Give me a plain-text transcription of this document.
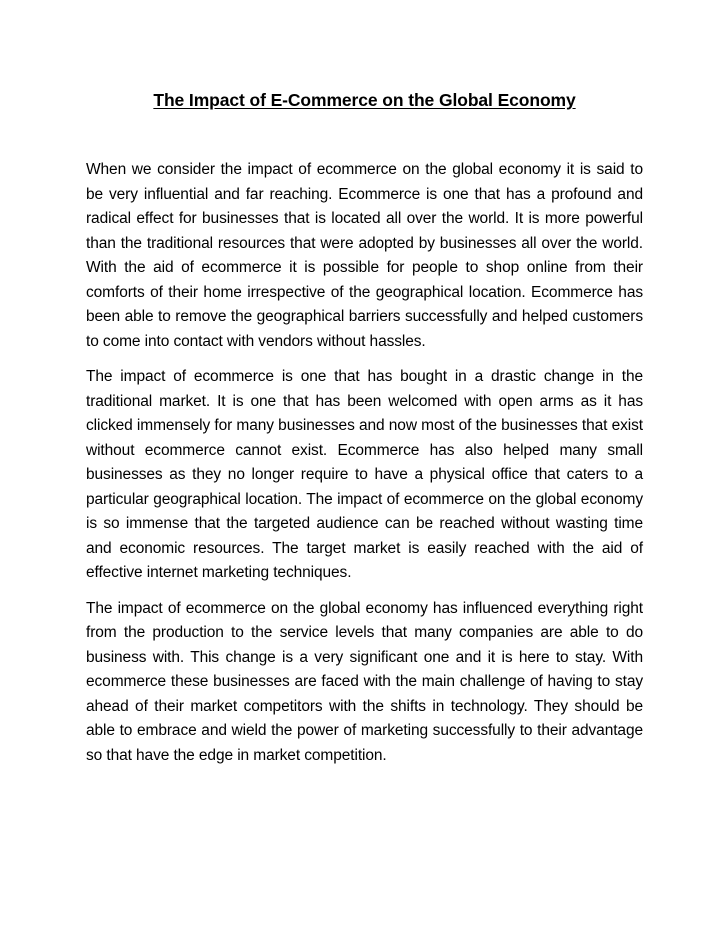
The Impact of E-Commerce on the Global Economy

When we consider the impact of ecommerce on the global economy it is said to be very influential and far reaching. Ecommerce is one that has a profound and radical effect for businesses that is located all over the world. It is more powerful than the traditional resources that were adopted by businesses all over the world. With the aid of ecommerce it is possible for people to shop online from their comforts of their home irrespective of the geographical location. Ecommerce has been able to remove the geographical barriers successfully and helped customers to come into contact with vendors without hassles.

The impact of ecommerce is one that has bought in a drastic change in the traditional market. It is one that has been welcomed with open arms as it has clicked immensely for many businesses and now most of the businesses that exist without ecommerce cannot exist. Ecommerce has also helped many small businesses as they no longer require to have a physical office that caters to a particular geographical location. The impact of ecommerce on the global economy is so immense that the targeted audience can be reached without wasting time and economic resources. The target market is easily reached with the aid of effective internet marketing techniques.

The impact of ecommerce on the global economy has influenced everything right from the production to the service levels that many companies are able to do business with. This change is a very significant one and it is here to stay. With ecommerce these businesses are faced with the main challenge of having to stay ahead of their market competitors with the shifts in technology. They should be able to embrace and wield the power of marketing successfully to their advantage so that have the edge in market competition.
